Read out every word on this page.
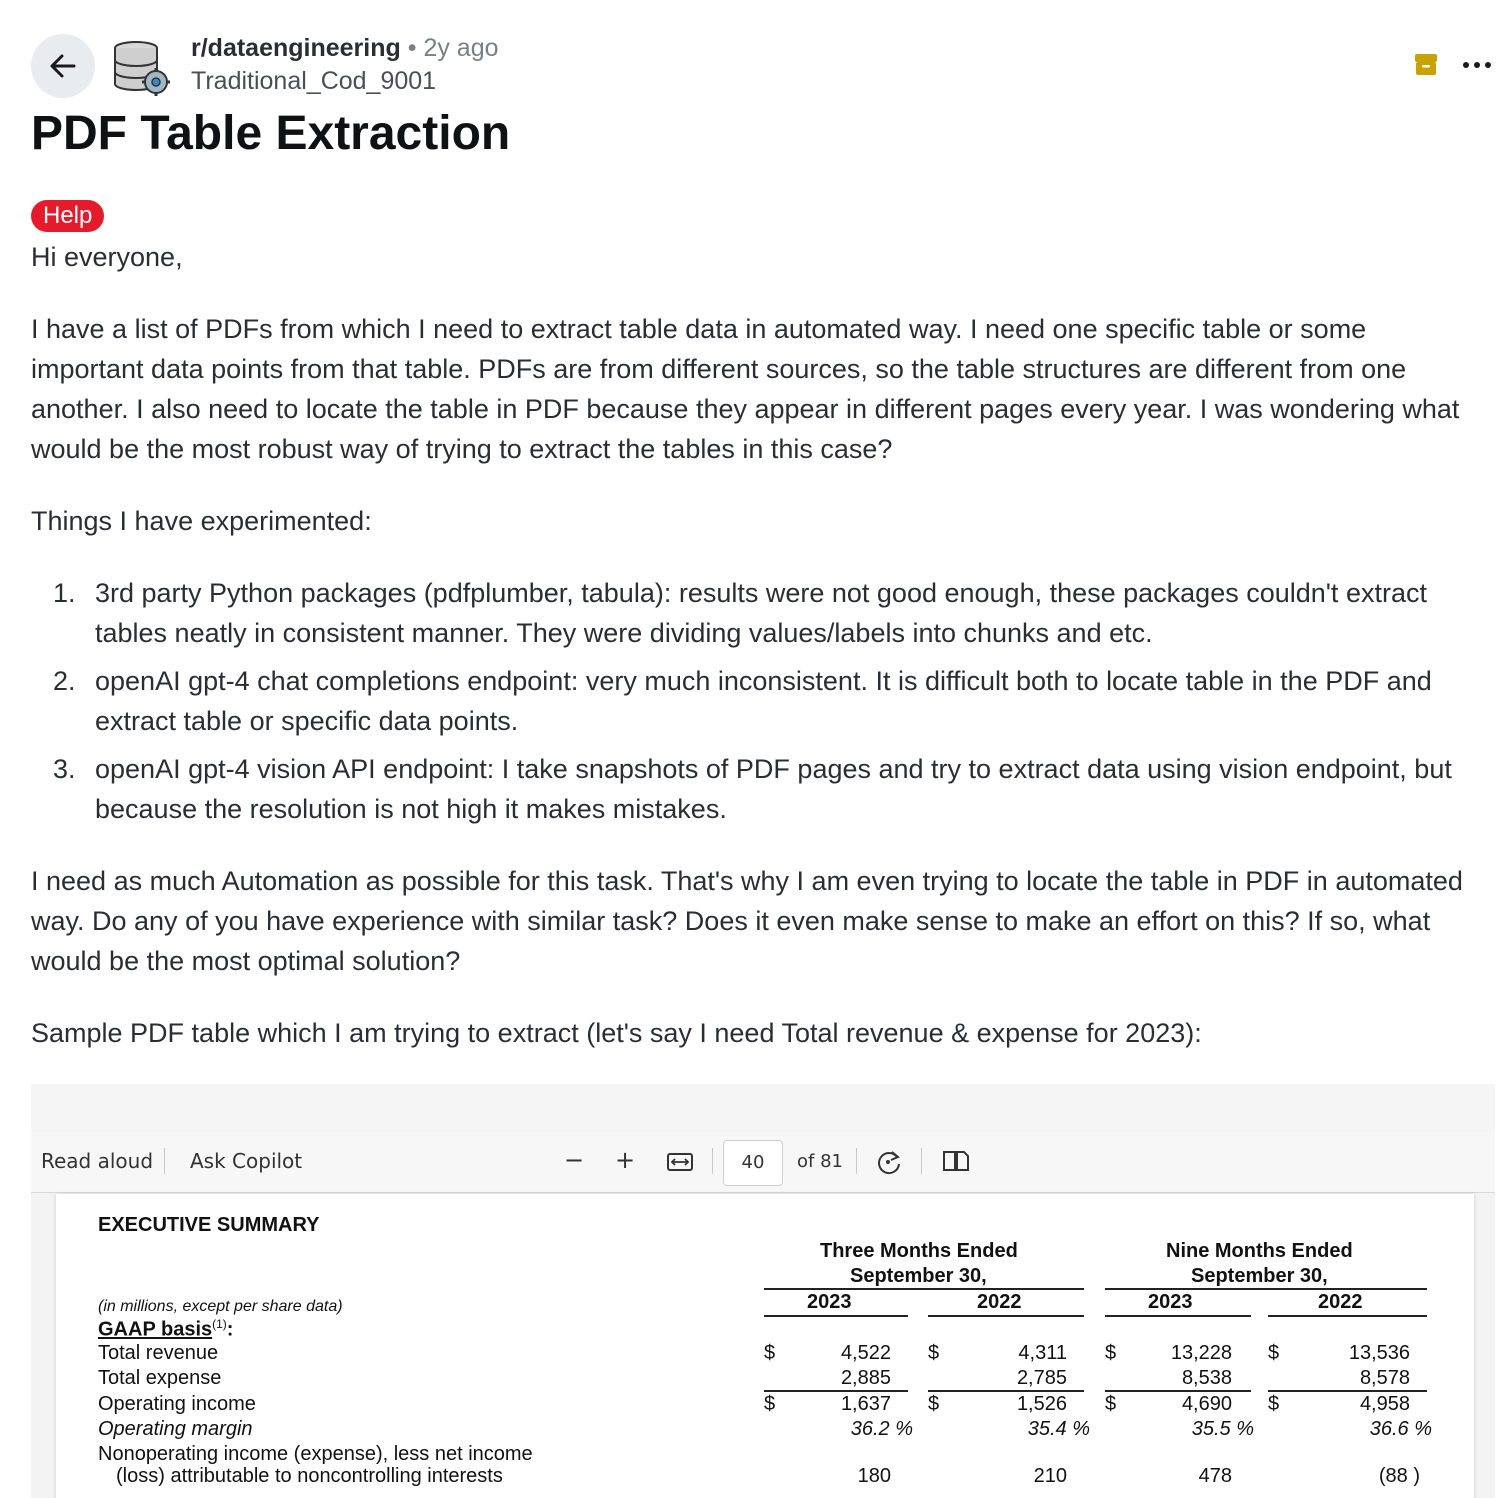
r/dataengineering • 2y ago
Traditional_Cod_9001
PDF Table Extraction
Help
Hi everyone,
I have a list of PDFs from which I need to extract table data in automated way. I need one specific table or some important data points from that table. PDFs are from different sources, so the table structures are different from one another. I also need to locate the table in PDF because they appear in different pages every year. I was wondering what would be the most robust way of trying to extract the tables in this case?
Things I have experimented:
1. 3rd party Python packages (pdfplumber, tabula): results were not good enough, these packages couldn't extract tables neatly in consistent manner. They were dividing values/labels into chunks and etc.
2. openAI gpt-4 chat completions endpoint: very much inconsistent. It is difficult both to locate table in the PDF and extract table or specific data points.
3. openAI gpt-4 vision API endpoint: I take snapshots of PDF pages and try to extract data using vision endpoint, but because the resolution is not high it makes mistakes.
I need as much Automation as possible for this task. That's why I am even trying to locate the table in PDF in automated way. Do any of you have experience with similar task? Does it even make sense to make an effort on this? If so, what would be the most optimal solution?
Sample PDF table which I am trying to extract (let's say I need Total revenue & expense for 2023):
Read aloud Ask Copilot	− +	40	of 81
EXECUTIVE SUMMARY
Three Months Ended
September 30,
Nine Months Ended
September 30,
2023	2022	2023	2022
(in millions, except per share data)
GAAP basis$^{(1)}$:
Total revenue	$	4,522 $	4,311 $	13,228 $	13,536
Total expense	2,885	2,785	8,538	8,578
Operating income	$	1,637 $	1,526 $	4,690 $	4,958
Operating margin	36.2 %	35.4 %	35.5 %	36.6 %
Nonoperating income (expense), less net income
(loss) attributable to noncontrolling interests	180	210	478	(88 )
